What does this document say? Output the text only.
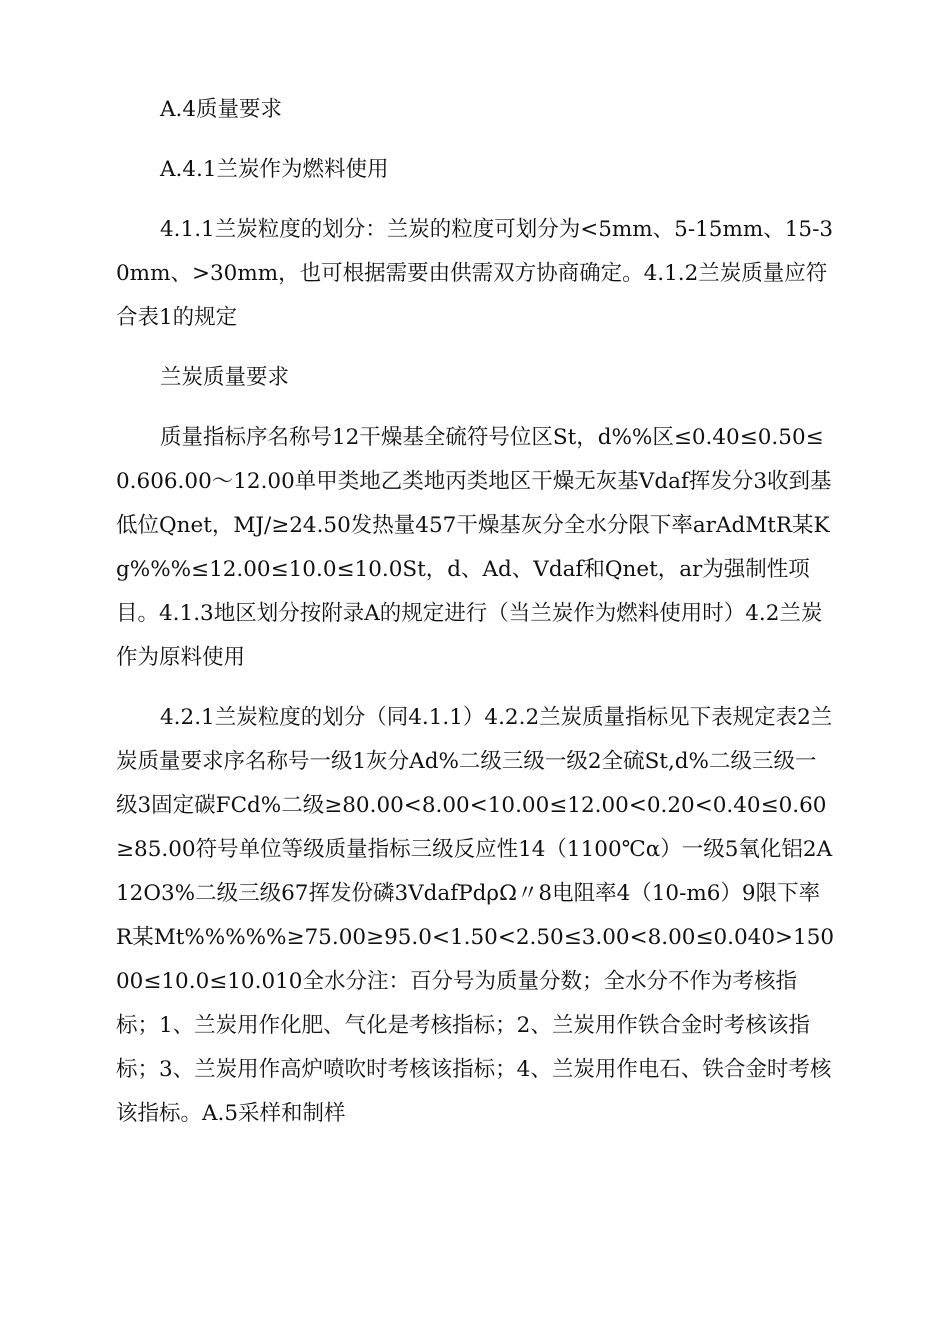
A.4质量要求

A.4.1兰炭作为燃料使用

4.1.1兰炭粒度的划分：兰炭的粒度可划分为<5mm、5-15mm、15-30mm、>30mm，也可根据需要由供需双方协商确定。4.1.2兰炭质量应符合表1的规定

兰炭质量要求

质量指标序名称号12干燥基全硫符号位区St，d%%区≤0.40≤0.50≤0.606.00～12.00单甲类地乙类地丙类地区干燥无灰基Vdaf挥发分3收到基低位Qnet，MJ/≥24.50发热量457干燥基灰分全水分限下率arAdMtR某Kg%%%≤12.00≤10.0≤10.0St，d、Ad、Vdaf和Qnet，ar为强制性项目。4.1.3地区划分按附录A的规定进行（当兰炭作为燃料使用时）4.2兰炭作为原料使用

4.2.1兰炭粒度的划分（同4.1.1）4.2.2兰炭质量指标见下表规定表2兰炭质量要求序名称号一级1灰分Ad%二级三级一级2全硫St,d%二级三级一级3固定碳FCd%二级≥80.00<8.00<10.00≤12.00<0.20<0.40≤0.60≥85.00符号单位等级质量指标三级反应性14（1100℃α）一级5氧化铝2A12O3%二级三级67挥发份磷3VdafPdρΩ〃8电阻率4（10-m6）9限下率R某Mt%%%%%≥75.00≥95.0<1.50<2.50≤3.00<8.00≤0.040>15000≤10.0≤10.010全水分注：百分号为质量分数；全水分不作为考核指标；1、兰炭用作化肥、气化是考核指标；2、兰炭用作铁合金时考核该指标；3、兰炭用作高炉喷吹时考核该指标；4、兰炭用作电石、铁合金时考核该指标。A.5采样和制样
